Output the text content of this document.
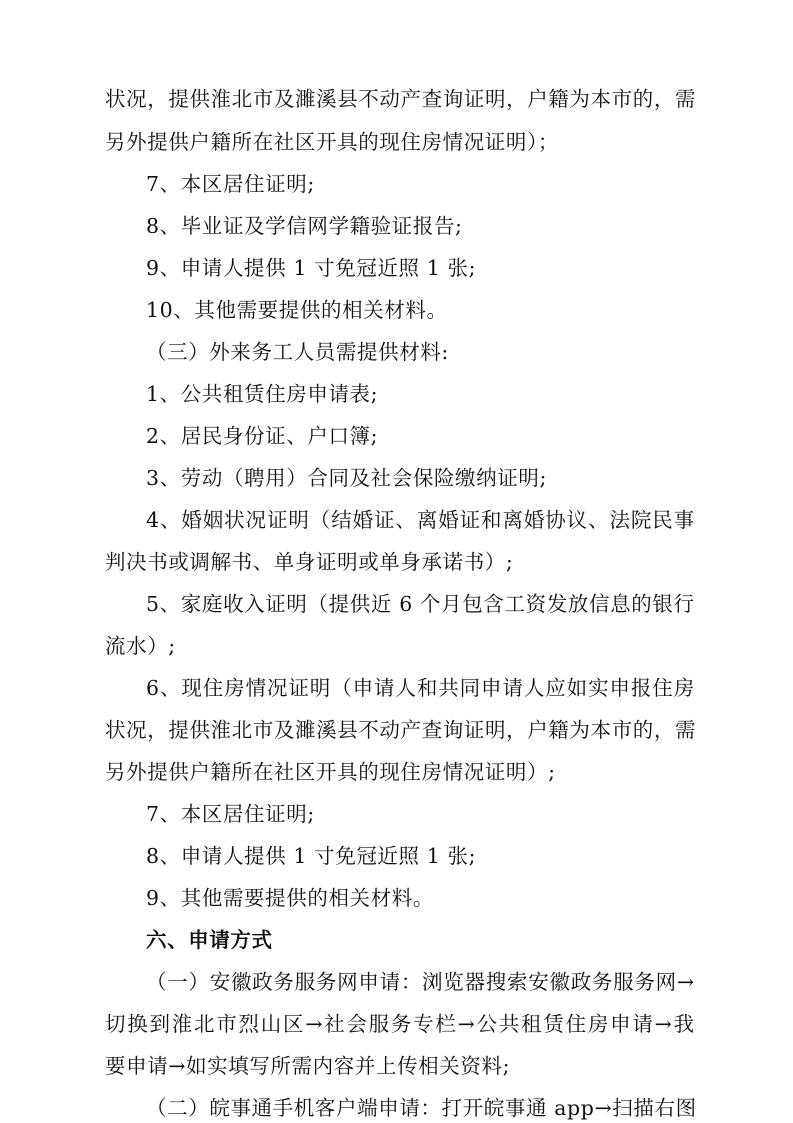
状 况 ， 提 供 淮 北 市 及 濉 溪 县 不 动 产 查 询 证 明 ， 户 籍 为 本 市 的 ， 需
另外提供户籍所在社区开具的现住房情况证明）；
7、本区居住证明;
8、毕业证及学信网学籍验证报告;
9、申请人提供 1 寸免冠近照 1 张;
10、其他需要提供的相关材料。
（三）外来务工人员需提供材料:
1、公共租赁住房申请表;
2、居民身份证、户口簿;
3、劳动（聘用）合同及社会保险缴纳证明;
4 、 婚 姻 状 况 证 明 （ 结 婚 证 、 离 婚 证 和 离 婚 协 议 、 法 院 民 事
判决书或调解书、单身证明或单身承诺书）;
5 、 家 庭 收 入 证 明 （ 提 供 近
6
个 月 包 含 工 资 发 放 信 息 的 银 行
流水）;
6 、 现 住 房 情 况 证 明 （ 申 请 人 和 共 同 申 请 人 应 如 实 申 报 住 房
状 况 ， 提 供 淮 北 市 及 濉 溪 县 不 动 产 查 询 证 明 ， 户 籍 为 本 市 的 ， 需
另外提供户籍所在社区开具的现住房情况证明）;
7、本区居住证明;
8、申请人提供 1 寸免冠近照 1 张;
9、其他需要提供的相关材料。
六、申请方式
（ 一 ） 安 徽 政 务 服 务 网 申 请 ： 浏 览 器 搜 索 安 徽 政 务 服 务 网 →
切 换 到 淮 北 市 烈 山 区 → 社 会 服 务 专 栏 → 公 共 租 赁 住 房 申 请 → 我
要申请→如实填写所需内容并上传相关资料;
（ 二 ） 皖 事 通 手 机 客 户 端 申 请 ： 打 开 皖 事 通
a p p → 扫 描 右 图
